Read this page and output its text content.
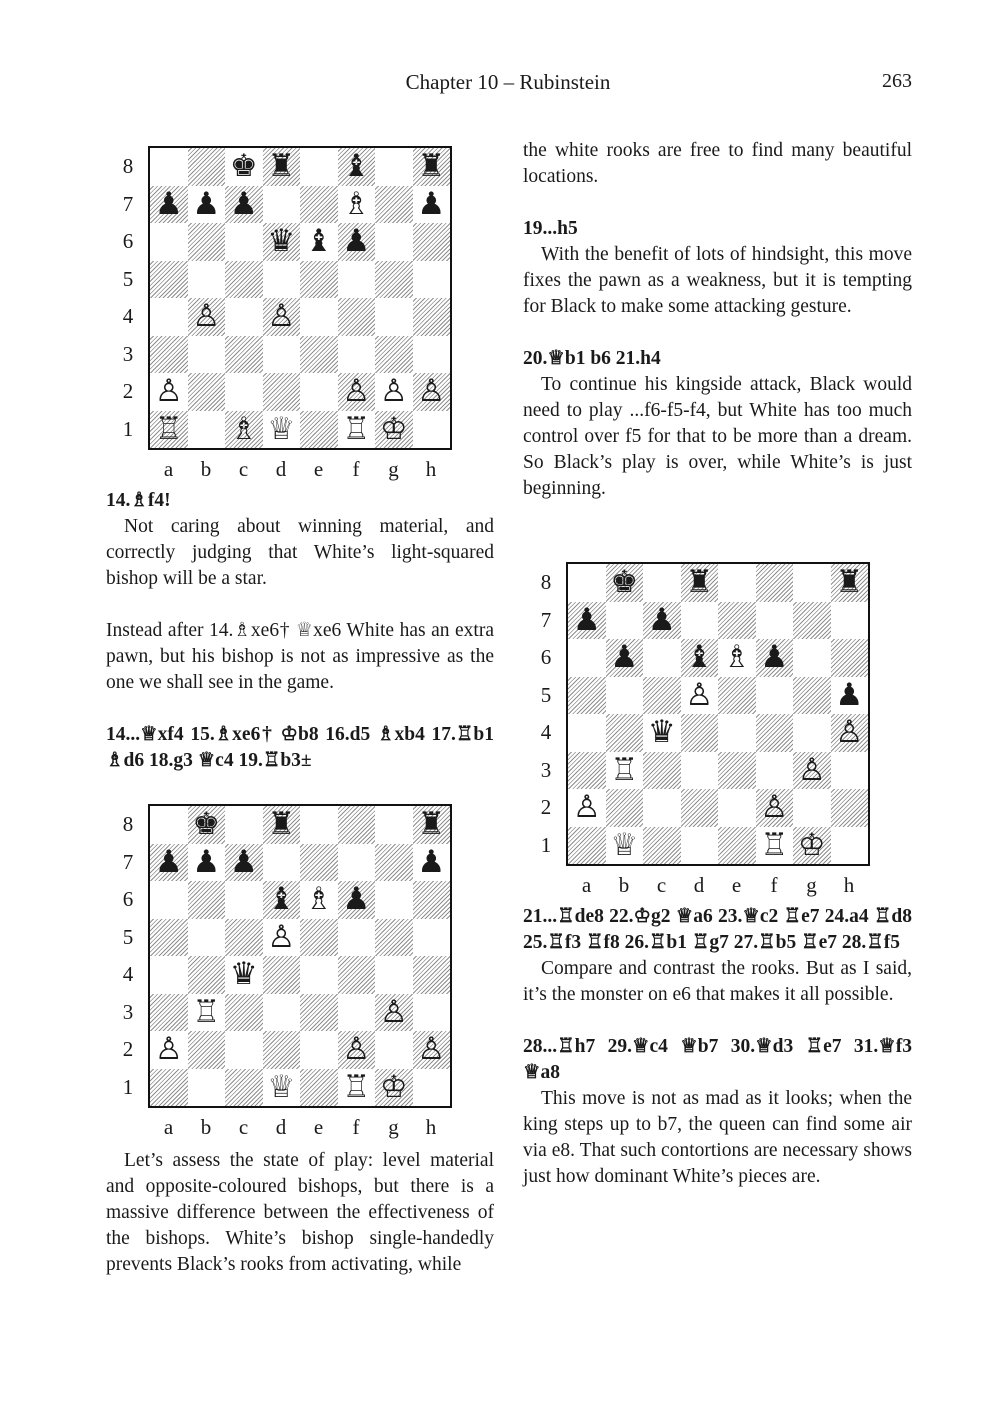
Chapter 10 – Rubinstein	263
8
7
6
5
4
3
2
1
♚ ♜ ♝ ♜
♟ ♟ ♟	♗ ♟
♛ ♝ ♟
♙ ♙
♙	♙ ♙ ♙
♖ ♗ ♕ ♖ ♔
a	b	c	d	e	f	g	h

14.♗f4!

Not caring about winning material, and correctly judging that White’s light-squared bishop will be a star.

Instead after 14.♗xe6† ♕xe6 White has an extra pawn, but his bishop is not as impressive as the one we shall see in the game.

14...♕xf4 15.♗xe6† ♔b8 16.d5 ♗xb4 17.♖b1 ♗d6 18.g3 ♕c4 19.♖b3±

8
7
6
5
4
3
2
1
♚ ♜	♜
♟ ♟ ♟	♟
♝ ♗ ♟
♙
♛
♖	♙
♙	♙ ♙
♕ ♖ ♔
a	b	c	d	e	f	g	h

Let’s assess the state of play: level material and opposite-coloured bishops, but there is a massive difference between the effectiveness of the bishops. White’s bishop single-handedly prevents Black’s rooks from activating, while

the white rooks are free to find many beautiful locations.

19...h5

With the benefit of lots of hindsight, this move fixes the pawn as a weakness, but it is tempting for Black to make some attacking gesture.

20.♕b1 b6 21.h4

To continue his kingside attack, Black would need to play ...f6-f5-f4, but White has too much control over f5 for that to be more than a dream. So Black’s play is over, while White’s is just beginning.

8
7
6
5
4
3
2
1
♚ ♜	♜
♟ ♟
♟ ♝ ♗ ♟
♙	♟
♛	♙
♖	♙
♙	♙
♕	♖ ♔
a	b	c	d	e	f	g	h

21...♖de8 22.♔g2 ♕a6 23.♕c2 ♖e7 24.a4 ♖d8 25.♖f3 ♖f8 26.♖b1 ♖g7 27.♖b5 ♖e7 28.♖f5

Compare and contrast the rooks. But as I said, it’s the monster on e6 that makes it all possible.

28...♖h7 29.♕c4 ♕b7 30.♕d3 ♖e7 31.♕f3 ♕a8

This move is not as mad as it looks; when the king steps up to b7, the queen can find some air via e8. That such contortions are necessary shows just how dominant White’s pieces are.
